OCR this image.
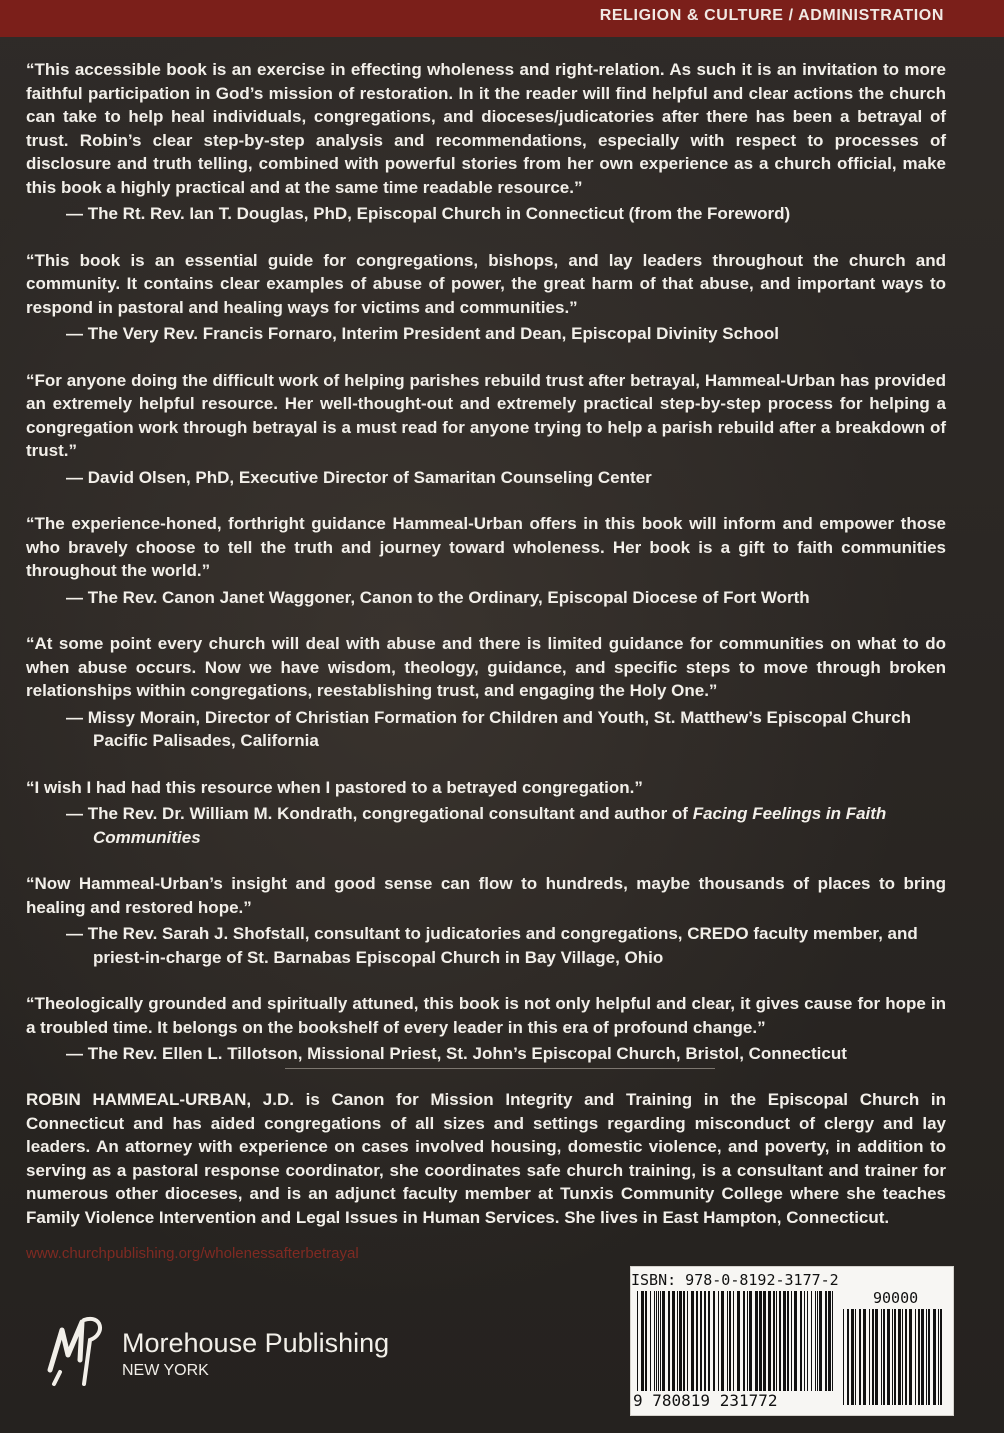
RELIGION & CULTURE / ADMINISTRATION

“This accessible book is an exercise in effecting wholeness and right-relation. As such it is an invitation to more faithful participation in God’s mission of restoration. In it the reader will find helpful and clear actions the church can take to help heal individuals, congregations, and dioceses/judicatories after there has been a betrayal of trust. Robin’s clear step-by-step analysis and recommendations, especially with respect to processes of disclosure and truth telling, combined with powerful stories from her own experience as a church official, make this book a highly practical and at the same time readable resource.”

— The Rt. Rev. Ian T. Douglas, PhD, Episcopal Church in Connecticut (from the Foreword)

“This book is an essential guide for congregations, bishops, and lay leaders throughout the church and community. It contains clear examples of abuse of power, the great harm of that abuse, and important ways to respond in pastoral and healing ways for victims and communities.”

— The Very Rev. Francis Fornaro, Interim President and Dean, Episcopal Divinity School

“For anyone doing the difficult work of helping parishes rebuild trust after betrayal, Hammeal-Urban has provided an extremely helpful resource. Her well-thought-out and extremely practical step-by-step process for helping a congregation work through betrayal is a must read for anyone trying to help a parish rebuild after a breakdown of trust.”

— David Olsen, PhD, Executive Director of Samaritan Counseling Center

“The experience-honed, forthright guidance Hammeal-Urban offers in this book will inform and empower those who bravely choose to tell the truth and journey toward wholeness. Her book is a gift to faith communities throughout the world.”

— The Rev. Canon Janet Waggoner, Canon to the Ordinary, Episcopal Diocese of Fort Worth

“At some point every church will deal with abuse and there is limited guidance for communities on what to do when abuse occurs. Now we have wisdom, theology, guidance, and specific steps to move through broken relationships within congregations, reestablishing trust, and engaging the Holy One.”

— Missy Morain, Director of Christian Formation for Children and Youth, St. Matthew’s Episcopal Church
Pacific Palisades, California

“I wish I had had this resource when I pastored to a betrayed congregation.”

— The Rev. Dr. William M. Kondrath, congregational consultant and author of Facing Feelings in Faith
Communities

“Now Hammeal-Urban’s insight and good sense can flow to hundreds, maybe thousands of places to bring healing and restored hope.”

— The Rev. Sarah J. Shofstall, consultant to judicatories and congregations, CREDO faculty member, and
priest-in-charge of St. Barnabas Episcopal Church in Bay Village, Ohio

“Theologically grounded and spiritually attuned, this book is not only helpful and clear, it gives cause for hope in a troubled time. It belongs on the bookshelf of every leader in this era of profound change.”

— The Rev. Ellen L. Tillotson, Missional Priest, St. John’s Episcopal Church, Bristol, Connecticut

ROBIN HAMMEAL-URBAN, J.D. is Canon for Mission Integrity and Training in the Episcopal Church in Connecticut and has aided congregations of all sizes and settings regarding misconduct of clergy and lay leaders. An attorney with experience on cases involved housing, domestic violence, and poverty, in addition to serving as a pastoral response coordinator, she coordinates safe church training, is a consultant and trainer for numerous other dioceses, and is an adjunct faculty member at Tunxis Community College where she teaches Family Violence Intervention and Legal Issues in Human Services. She lives in East Hampton, Connecticut.
www.churchpublishing.org/wholenessafterbetrayal
Morehouse Publishing
NEW YORK
ISBN: 978-0-8192-3177-2
90000
9 780819 231772
